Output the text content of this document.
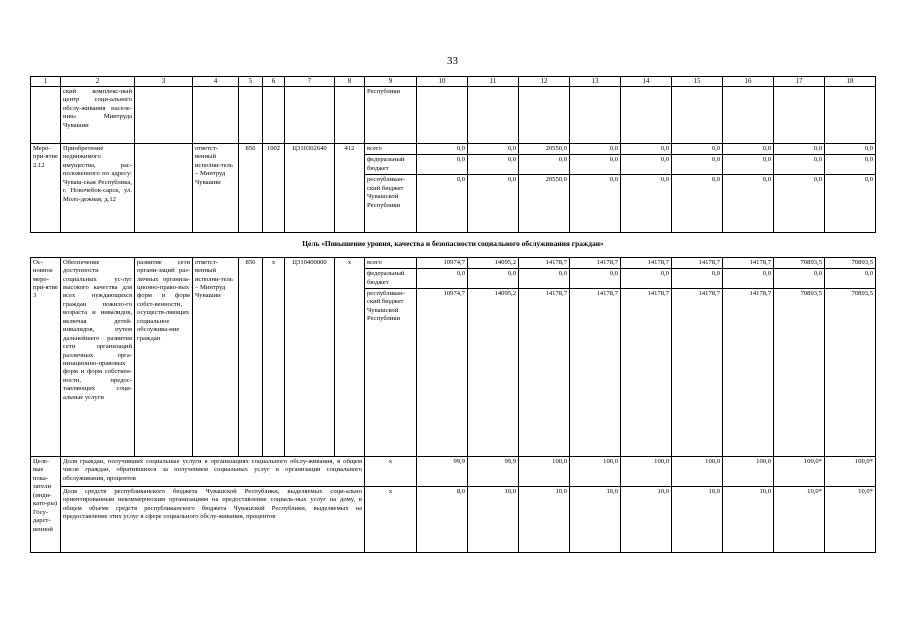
33
1	2	3	4	5	6	7	8	9	10	11	12	13	14	15	16	17	18
	ский комплекс-ный центр соци-ального обслу-живания населе-ния» Минтруда Чувашии							Республики									
Меро-при-ятие 2.12	Приобретение недвижимого имущества, рас-положенного по адресу: Чуваш-ская Республика, г. Новочебок-сарск, ул. Моло-дежная, д.12		ответст-венный исполни-тель – Минтруд Чувашии	856	1002	Ц310302640	412	всего	0,0	0,0	20550,0	0,0	0,0	0,0	0,0	0,0	0,0
								федеральный бюджет	0,0	0,0	0,0	0,0	0,0	0,0	0,0	0,0	0,0
								республикан-ский бюджет Чувашской Республики	0,0	0,0	20550,0	0,0	0,0	0,0	0,0	0,0	0,0
Цель «Повышение уровня, качества и безопасности социального обслуживания граждан»																	
Ос-новное меро-при-ятие 3	Обеспечение доступности социальных ус-луг высокого качества для всех нуждающихся граждан пожило-го возраста и инвалидов, включая детей-инвалидов, путем дальнейшего развития сети организаций различных орга-низационно-правовых форм и форм собствен-ности, предос-тавляющих соци-альные услуги	развитие сети органи-заций раз-личных организа-ционно-право-вых форм и форм собст-венности, осуществ-ляющих социальное обслужива-ние граждан	ответст-венный исполни-тель – Минтруд Чувашии	856	х	Ц310400000	х	всего	10974,7	14095,2	14178,7	14178,7	14178,7	14178,7	14178,7	70893,5	70893,5
								федеральный бюджет	0,0	0,0	0,0	0,0	0,0	0,0	0,0	0,0	0,0
								республикан-ский бюджет Чувашской Республики	10974,7	14095,2	14178,7	14178,7	14178,7	14178,7	14178,7	70893,5	70893,5
Целе-вые пока-затели (инди-като-ры) Госу-дарст-венной	Доля граждан, получивших социальные услуги в организациях социального обслу-живания, в общем числе граждан, обратившихся за получением социальных услуг в организации социального обслуживания, процентов							х	99,9	99,9	100,0	100,0	100,0	100,0	100,0	100,0*	100,0*
	Доля средств республиканского бюджета Чувашской Республики, выделяемых соци-ально ориентированным некоммерческим организациям на предоставление социаль-ных услуг на дому, в общем объеме средств республиканского бюджета Чувашской Республики, выделяемых на предоставление этих услуг в сфере социального обслу-живания, процентов							х	8,0	10,0	10,0	10,0	10,0	10,0	10,0	10,0*	10,0*
